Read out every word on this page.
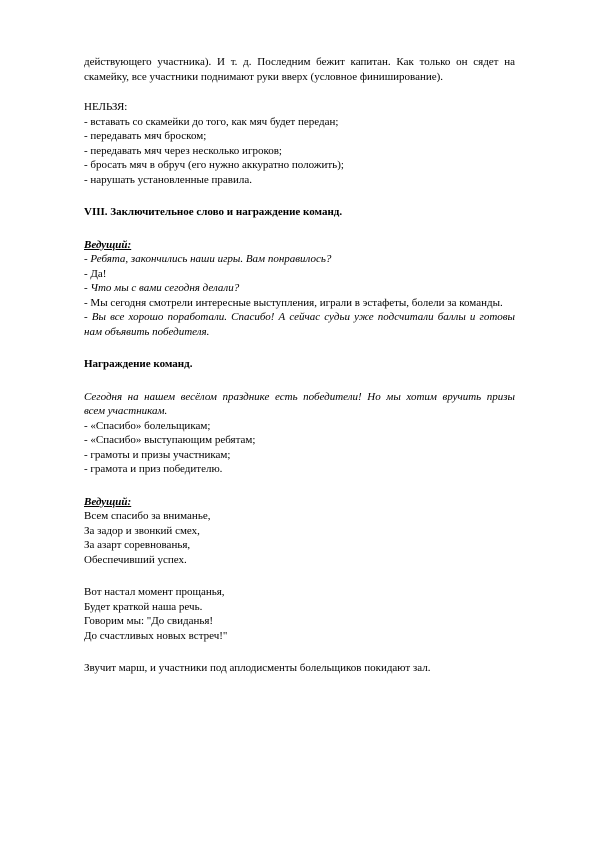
действующего участника). И т. д. Последним бежит капитан. Как только он сядет на
скамейку, все участники поднимают руки вверх (условное финиширование).
НЕЛЬЗЯ:
- вставать со скамейки до того, как мяч будет передан;
- передавать мяч броском;
- передавать мяч через несколько игроков;
- бросать мяч в обруч (его нужно аккуратно положить);
- нарушать установленные правила.
VIII. Заключительное слово и награждение команд.
Ведущий:
- Ребята, закончились наши игры. Вам понравилось?
- Да!
- Что мы с вами сегодня делали?
- Мы сегодня смотрели интересные выступления, играли в эстафеты, болели за команды.
- Вы все хорошо поработали. Спасибо! А сейчас судьи уже подсчитали баллы и готовы
нам объявить победителя.
Награждение команд.
Сегодня на нашем весёлом празднике есть победители! Но мы хотим вручить призы
всем участникам.
- «Спасибо» болельщикам;
- «Спасибо» выступающим ребятам;
- грамоты и призы участникам;
- грамота и приз победителю.
Ведущий:
Всем спасибо за вниманье,
За задор и звонкий смех,
За азарт соревнованья,
Обеспечивший успех.
Вот настал момент прощанья,
Будет краткой наша речь.
Говорим мы: "До свиданья!
До счастливых новых встреч!"
Звучит марш, и участники под аплодисменты болельщиков покидают зал.
